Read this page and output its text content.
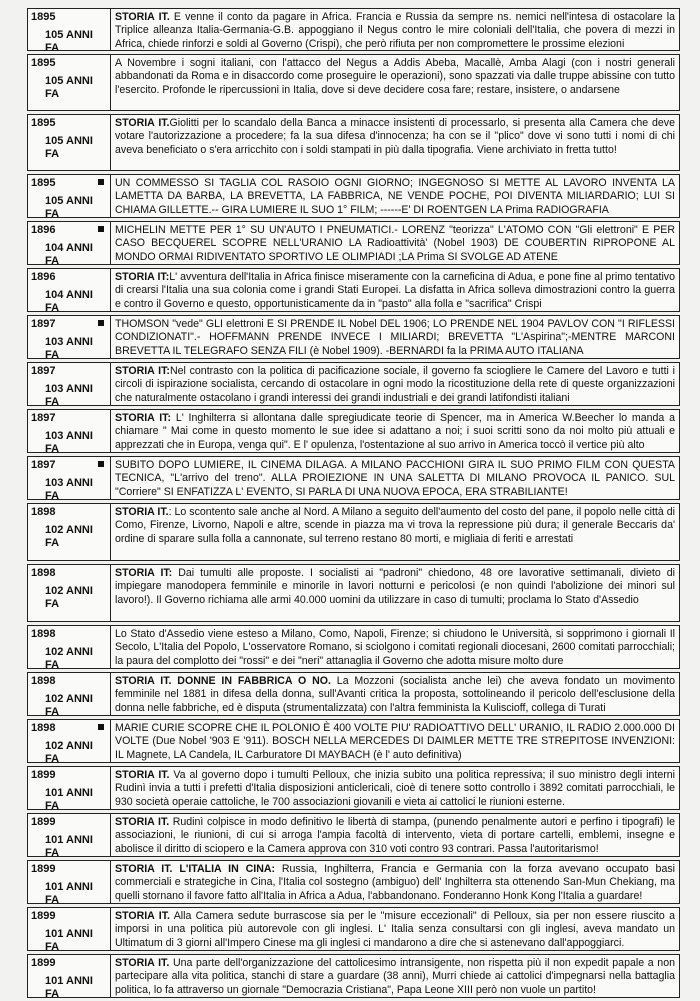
1895
105 ANNI FA
STORIA IT. E venne il conto da pagare in Africa. Francia e Russia da sempre ns. nemici nell'intesa di ostacolare la Triplice alleanza Italia-Germania-G.B. appoggiano il Negus contro le mire coloniali dell'Italia, che povera di mezzi in Africa, chiede rinforzi e soldi al Governo (Crispi), che però rifiuta per non compromettere le prossime elezioni
1895
105 ANNI FA
A Novembre i sogni italiani, con l'attacco del Negus a Addis Abeba, Macallè, Amba Alagi (con i nostri generali abbandonati da Roma e in disaccordo come proseguire le operazioni), sono spazzati via dalle truppe abissine con tutto l'esercito. Profonde le ripercussioni in Italia, dove si deve decidere cosa fare; restare, insistere, o andarsene
1895
105 ANNI FA
STORIA IT.Giolitti per lo scandalo della Banca a minacce insistenti di processarlo, si presenta alla Camera che deve votare l'autorizzazione a procedere; fa la sua difesa d'innocenza; ha con se il "plico" dove vi sono tutti i nomi di chi aveva beneficiato o s'era arricchito con i soldi stampati in più dalla tipografia. Viene archiviato in fretta tutto!
1895
105 ANNI FA
UN COMMESSO SI TAGLIA COL RASOIO OGNI GIORNO; INGEGNOSO SI METTE AL LAVORO INVENTA LA LAMETTA DA BARBA, LA BREVETTA, LA FABBRICA, NE VENDE POCHE, POI DIVENTA MILIARDARIO; LUI SI CHIAMA GILLETTE.-- GIRA LUMIERE IL SUO 1° FILM; ------E' DI ROENTGEN LA Prima RADIOGRAFIA
1896
104 ANNI FA
MICHELIN METTE PER 1° SU UN'AUTO I PNEUMATICI.- LORENZ "teorizza" L'ATOMO CON "Gli elettroni" E PER CASO BECQUEREL SCOPRE NELL'URANIO LA Radioattività' (Nobel 1903) DE COUBERTIN RIPROPONE AL MONDO ORMAI RIDIVENTATO SPORTIVO LE OLIMPIADI ;LA Prima SI SVOLGE AD ATENE
1896
104 ANNI FA
STORIA IT:L' avventura dell'Italia in Africa finisce miseramente con la carneficina di Adua, e pone fine al primo tentativo di crearsi l'Italia una sua colonia come i grandi Stati Europei. La disfatta in Africa solleva dimostrazioni contro la guerra e contro il Governo e questo, opportunisticamente da in "pasto" alla folla e "sacrifica" Crispi
1897
103 ANNI FA
THOMSON "vede" GLI elettroni E SI PRENDE IL Nobel DEL 1906; LO PRENDE NEL 1904 PAVLOV CON "I RIFLESSI CONDIZIONATI".- HOFFMANN PRENDE INVECE I MILIARDI; BREVETTA "L'Aspirina";-MENTRE MARCONI BREVETTA IL TELEGRAFO SENZA FILI (è Nobel 1909). -BERNARDI fa la PRIMA AUTO ITALIANA
1897
103 ANNI FA
STORIA IT:Nel contrasto con la politica di pacificazione sociale, il governo fa sciogliere le Camere del Lavoro e tutti i circoli di ispirazione socialista, cercando di ostacolare in ogni modo la ricostituzione della rete di queste organizzazioni che naturalmente ostacolano i grandi interessi dei grandi industriali e dei grandi latifondisti italiani
1897
103 ANNI FA
STORIA IT: L' Inghilterra si allontana dalle spregiudicate teorie di Spencer, ma in America W.Beecher lo manda a chiamare " Mai come in questo momento le sue idee si adattano a noi; i suoi scritti sono da noi molto più attuali e apprezzati che in Europa, venga qui". E l' opulenza, l'ostentazione al suo arrivo in America toccò il vertice più alto
1897
103 ANNI FA
SUBITO DOPO LUMIERE, IL CINEMA DILAGA. A MILANO PACCHIONI GIRA IL SUO PRIMO FILM CON QUESTA TECNICA, "L'arrivo del treno". ALLA PROIEZIONE IN UNA SALETTA DI MILANO PROVOCA IL PANICO. SUL "Corriere" SI ENFATIZZA L' EVENTO, SI PARLA DI UNA NUOVA EPOCA, ERA STRABILIANTE!
1898
102 ANNI FA
STORIA IT.: Lo scontento sale anche al Nord. A Milano a seguito dell'aumento del costo del pane, il popolo nelle città di Como, Firenze, Livorno, Napoli e altre, scende in piazza ma vi trova la repressione più dura; il generale Beccaris da' ordine di sparare sulla folla a cannonate, sul terreno restano 80 morti, e migliaia di feriti e arrestati
1898
102 ANNI FA
STORIA IT: Dai tumulti alle proposte. I socialisti ai "padroni" chiedono, 48 ore lavorative settimanali, divieto di impiegare manodopera femminile e minorile in lavori notturni e pericolosi (e non quindi l'abolizione dei minori sul lavoro!). Il Governo richiama alle armi 40.000 uomini da utilizzare in caso di tumulti; proclama lo Stato d'Assedio
1898
102 ANNI FA
Lo Stato d'Assedio viene esteso a Milano, Como, Napoli, Firenze; si chiudono le Università, si sopprimono i giornali Il Secolo, L'Italia del Popolo, L'osservatore Romano, si sciolgono i comitati regionali diocesani, 2600 comitati parrocchiali; la paura del complotto dei "rossi" e dei "neri" attanaglia il Governo che adotta misure molto dure
1898
102 ANNI FA
STORIA IT. DONNE IN FABBRICA O NO. La Mozzoni (socialista anche lei) che aveva fondato un movimento femminile nel 1881 in difesa della donna, sull'Avanti critica la proposta, sottolineando il pericolo dell'esclusione della donna nelle fabbriche, ed è disputa (strumentalizzata) con l'altra femminista la Kuliscioff, collega di Turati
1898
102 ANNI FA
MARIE CURIE SCOPRE CHE IL POLONIO È 400 VOLTE PIU' RADIOATTIVO DELL' URANIO, IL RADIO 2.000.000 DI VOLTE (Due Nobel '903 E '911). BOSCH NELLA MERCEDES DI DAIMLER METTE TRE STREPITOSE INVENZIONI: IL Magnete, LA Candela, IL Carburatore DI MAYBACH (è l' auto definitiva)
1899
101 ANNI FA
STORIA IT. Va al governo dopo i tumulti Pelloux, che inizia subito una politica repressiva; il suo ministro degli interni Rudinì invia a tutti i prefetti d'Italia disposizioni anticlericali, cioè di tenere sotto controllo i 3892 comitati parrocchiali, le 930 società operaie cattoliche, le 700 associazioni giovanili e vieta ai cattolici le riunioni esterne.
1899
101 ANNI FA
STORIA IT. Rudinì colpisce in modo definitivo le libertà di stampa, (punendo penalmente autori e perfino i tipografi) le associazioni, le riunioni, di cui si arroga l'ampia facoltà di intervento, vieta di portare cartelli, emblemi, insegne e abolisce il diritto di sciopero e la Camera approva con 310 voti contro 93 contrari. Passa l'autoritarismo!
1899
101 ANNI FA
STORIA IT. L'ITALIA IN CINA: Russia, Inghilterra, Francia e Germania con la forza avevano occupato basi commerciali e strategiche in Cina, l'Italia col sostegno (ambiguo) dell' Inghilterra sta ottenendo San-Mun Chekiang, ma quelli stornano il favore fatto all'Italia in Africa a Adua, l'abbandonano. Fonderanno Honk Kong l'Italia a guardare!
1899
101 ANNI FA
STORIA IT. Alla Camera sedute burrascose sia per le "misure eccezionali" di Pelloux, sia per non essere riuscito a imporsi in una politica più autorevole con gli inglesi. L' Italia senza consultarsi con gli inglesi, aveva mandato un Ultimatum di 3 giorni all'Impero Cinese ma gli inglesi ci mandarono a dire che si astenevano dall'appoggiarci.
1899
101 ANNI FA
STORIA IT. Una parte dell'organizzazione del cattolicesimo intransigente, non rispetta più il non expedit papale a non partecipare alla vita politica, stanchi di stare a guardare (38 anni), Murri chiede ai cattolici d'impegnarsi nella battaglia politica, lo fa attraverso un giornale "Democrazia Cristiana", Papa Leone XIII però non vuole un partito!
